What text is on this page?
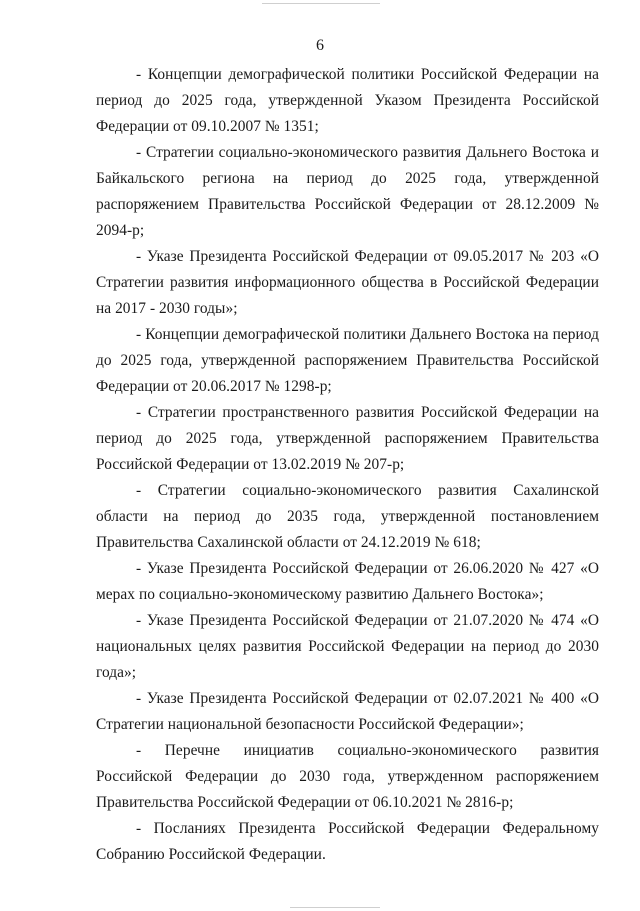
6

- Концепции демографической политики Российской Федерации на период до 2025 года, утвержденной Указом Президента Российской Федерации от 09.10.2007 № 1351;

- Стратегии социально-экономического развития Дальнего Востока и Байкальского региона на период до 2025 года, утвержденной распоряжением Правительства Российской Федерации от 28.12.2009 № 2094-р;

- Указе Президента Российской Федерации от 09.05.2017 № 203 «О Стратегии развития информационного общества в Российской Федерации на 2017 - 2030 годы»;

- Концепции демографической политики Дальнего Востока на период до 2025 года, утвержденной распоряжением Правительства Российской Федерации от 20.06.2017 № 1298-р;

- Стратегии пространственного развития Российской Федерации на период до 2025 года, утвержденной распоряжением Правительства Российской Федерации от 13.02.2019 № 207-р;

- Стратегии социально-экономического развития Сахалинской области на период до 2035 года, утвержденной постановлением Правительства Сахалинской области от 24.12.2019 № 618;

- Указе Президента Российской Федерации от 26.06.2020 № 427 «О мерах по социально-экономическому развитию Дальнего Востока»;

- Указе Президента Российской Федерации от 21.07.2020 № 474 «О национальных целях развития Российской Федерации на период до 2030 года»;

- Указе Президента Российской Федерации от 02.07.2021 № 400 «О Стратегии национальной безопасности Российской Федерации»;

- Перечне инициатив социально-экономического развития Российской Федерации до 2030 года, утвержденном распоряжением Правительства Российской Федерации от 06.10.2021 № 2816-р;

- Посланиях Президента Российской Федерации Федеральному Собранию Российской Федерации.
